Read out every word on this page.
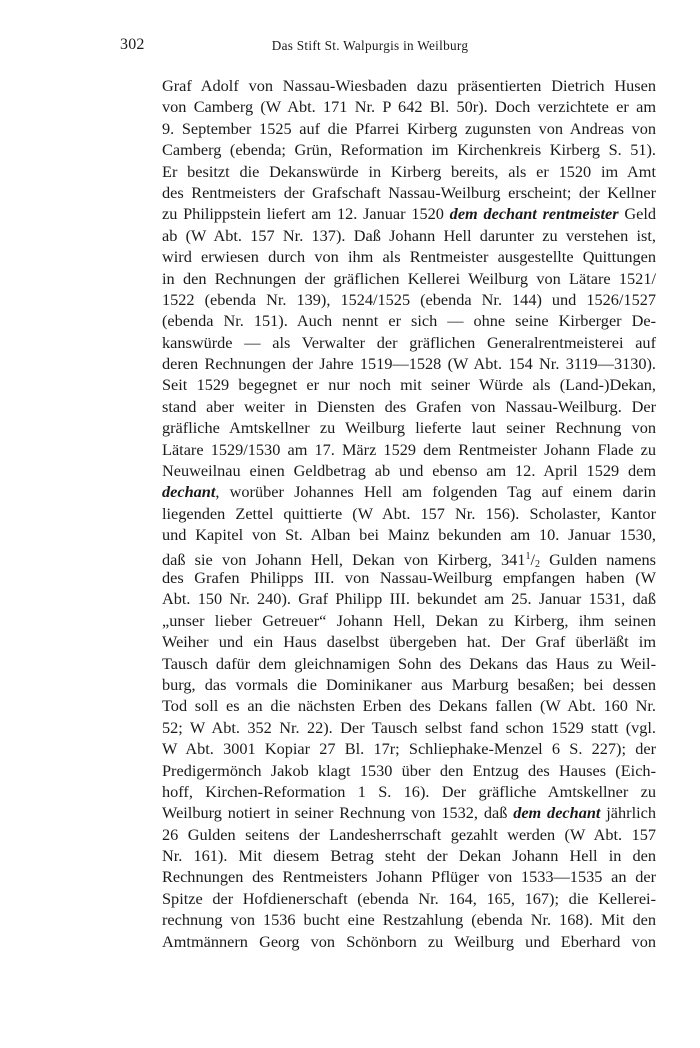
302	Das Stift St. Walpurgis in Weilburg
Graf Adolf von Nassau-Wiesbaden dazu präsentierten Dietrich Husen
von Camberg (W Abt. 171 Nr. P 642 Bl. 50r). Doch verzichtete er am
9. September 1525 auf die Pfarrei Kirberg zugunsten von Andreas von
Camberg (ebenda; Grün, Reformation im Kirchenkreis Kirberg S. 51).
Er besitzt die Dekanswürde in Kirberg bereits, als er 1520 im Amt
des Rentmeisters der Grafschaft Nassau-Weilburg erscheint; der Kellner
zu Philippstein liefert am 12. Januar 1520 dem dechant rentmeister Geld
ab (W Abt. 157 Nr. 137). Daß Johann Hell darunter zu verstehen ist,
wird erwiesen durch von ihm als Rentmeister ausgestellte Quittungen
in den Rechnungen der gräflichen Kellerei Weilburg von Lätare 1521/
1522 (ebenda Nr. 139), 1524/1525 (ebenda Nr. 144) und 1526/1527
(ebenda Nr. 151). Auch nennt er sich — ohne seine Kirberger De-
kanswürde — als Verwalter der gräflichen Generalrentmeisterei auf
deren Rechnungen der Jahre 1519—1528 (W Abt. 154 Nr. 3119—3130).
Seit 1529 begegnet er nur noch mit seiner Würde als (Land-)Dekan,
stand aber weiter in Diensten des Grafen von Nassau-Weilburg. Der
gräfliche Amtskellner zu Weilburg lieferte laut seiner Rechnung von
Lätare 1529/1530 am 17. März 1529 dem Rentmeister Johann Flade zu
Neuweilnau einen Geldbetrag ab und ebenso am 12. April 1529 dem
dechant, worüber Johannes Hell am folgenden Tag auf einem darin
liegenden Zettel quittierte (W Abt. 157 Nr. 156). Scholaster, Kantor
und Kapitel von St. Alban bei Mainz bekunden am 10. Januar 1530,
daß sie von Johann Hell, Dekan von Kirberg, $341^1/_2$ Gulden namens
des Grafen Philipps III. von Nassau-Weilburg empfangen haben (W
Abt. 150 Nr. 240). Graf Philipp III. bekundet am 25. Januar 1531, daß
„unser lieber Getreuer“ Johann Hell, Dekan zu Kirberg, ihm seinen
Weiher und ein Haus daselbst übergeben hat. Der Graf überläßt im
Tausch dafür dem gleichnamigen Sohn des Dekans das Haus zu Weil-
burg, das vormals die Dominikaner aus Marburg besaßen; bei dessen
Tod soll es an die nächsten Erben des Dekans fallen (W Abt. 160 Nr.
52; W Abt. 352 Nr. 22). Der Tausch selbst fand schon 1529 statt (vgl.
W Abt. 3001 Kopiar 27 Bl. 17r; Schliephake-Menzel 6 S. 227); der
Predigermönch Jakob klagt 1530 über den Entzug des Hauses (Eich-
hoff, Kirchen-Reformation 1 S. 16). Der gräfliche Amtskellner zu
Weilburg notiert in seiner Rechnung von 1532, daß dem dechant jährlich
26 Gulden seitens der Landesherrschaft gezahlt werden (W Abt. 157
Nr. 161). Mit diesem Betrag steht der Dekan Johann Hell in den
Rechnungen des Rentmeisters Johann Pflüger von 1533—1535 an der
Spitze der Hofdienerschaft (ebenda Nr. 164, 165, 167); die Kellerei-
rechnung von 1536 bucht eine Restzahlung (ebenda Nr. 168). Mit den
Amtmännern Georg von Schönborn zu Weilburg und Eberhard von
